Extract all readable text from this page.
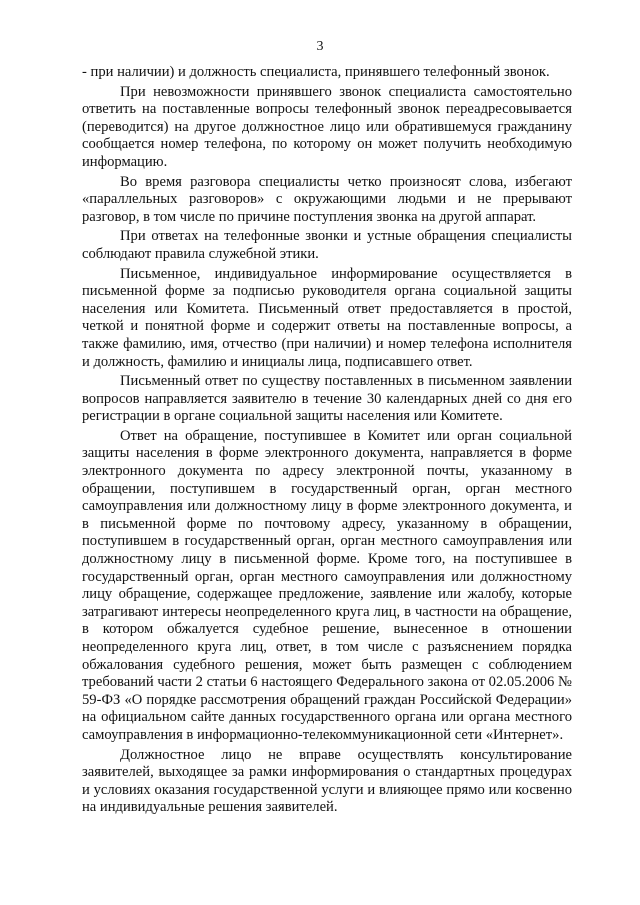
3

- при наличии) и должность специалиста, принявшего телефонный звонок.

При невозможности принявшего звонок специалиста самостоятельно ответить на поставленные вопросы телефонный звонок переадресовывается (переводится) на другое должностное лицо или обратившемуся гражданину сообщается номер телефона, по которому он может получить необходимую информацию.

Во время разговора специалисты четко произносят слова, избегают «параллельных разговоров» с окружающими людьми и не прерывают разговор, в том числе по причине поступления звонка на другой аппарат.

При ответах на телефонные звонки и устные обращения специалисты соблюдают правила служебной этики.

Письменное, индивидуальное информирование осуществляется в письменной форме за подписью руководителя органа социальной защиты населения или Комитета. Письменный ответ предоставляется в простой, четкой и понятной форме и содержит ответы на поставленные вопросы, а также фамилию, имя, отчество (при наличии) и номер телефона исполнителя и должность, фамилию и инициалы лица, подписавшего ответ.

Письменный ответ по существу поставленных в письменном заявлении вопросов направляется заявителю в течение 30 календарных дней со дня его регистрации в органе социальной защиты населения или Комитете.

Ответ на обращение, поступившее в Комитет или орган социальной защиты населения в форме электронного документа, направляется в форме электронного документа по адресу электронной почты, указанному в обращении, поступившем в государственный орган, орган местного самоуправления или должностному лицу в форме электронного документа, и в письменной форме по почтовому адресу, указанному в обращении, поступившем в государственный орган, орган местного самоуправления или должностному лицу в письменной форме. Кроме того, на поступившее в государственный орган, орган местного самоуправления или должностному лицу обращение, содержащее предложение, заявление или жалобу, которые затрагивают интересы неопределенного круга лиц, в частности на обращение, в котором обжалуется судебное решение, вынесенное в отношении неопределенного круга лиц, ответ, в том числе с разъяснением порядка обжалования судебного решения, может быть размещен с соблюдением требований части 2 статьи 6 настоящего Федерального закона от 02.05.2006 № 59-ФЗ «О порядке рассмотрения обращений граждан Российской Федерации» на официальном сайте данных государственного органа или органа местного самоуправления в информационно-телекоммуникационной сети «Интернет».

Должностное лицо не вправе осуществлять консультирование заявителей, выходящее за рамки информирования о стандартных процедурах и условиях оказания государственной услуги и влияющее прямо или косвенно на индивидуальные решения заявителей.
